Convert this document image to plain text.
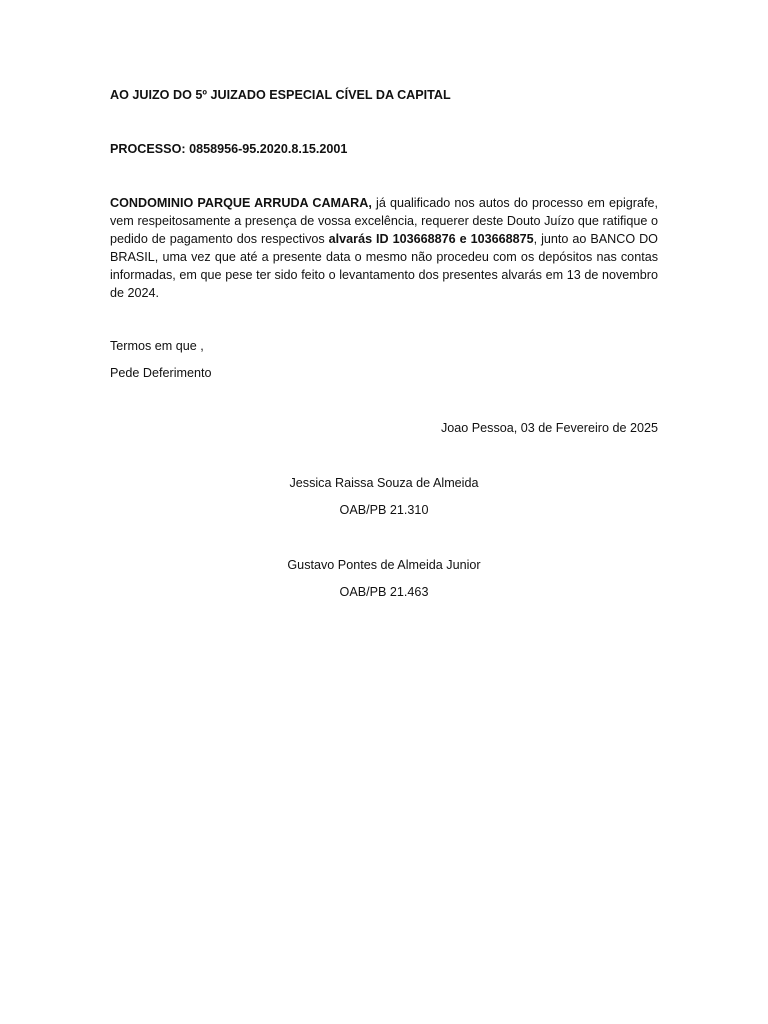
AO JUIZO DO 5º JUIZADO ESPECIAL CÍVEL DA CAPITAL

PROCESSO: 0858956-95.2020.8.15.2001

CONDOMINIO PARQUE ARRUDA CAMARA, já qualificado nos autos do processo em epigrafe, vem respeitosamente a presença de vossa excelência, requerer deste Douto Juízo que ratifique o pedido de pagamento dos respectivos alvarás ID 103668876 e 103668875, junto ao BANCO DO BRASIL, uma vez que até a presente data o mesmo não procedeu com os depósitos nas contas informadas, em que pese ter sido feito o levantamento dos presentes alvarás em 13 de novembro de 2024.

Termos em que ,

Pede Deferimento

Joao Pessoa, 03 de Fevereiro de 2025

Jessica Raissa Souza de Almeida

OAB/PB 21.310

Gustavo Pontes de Almeida Junior

OAB/PB 21.463
